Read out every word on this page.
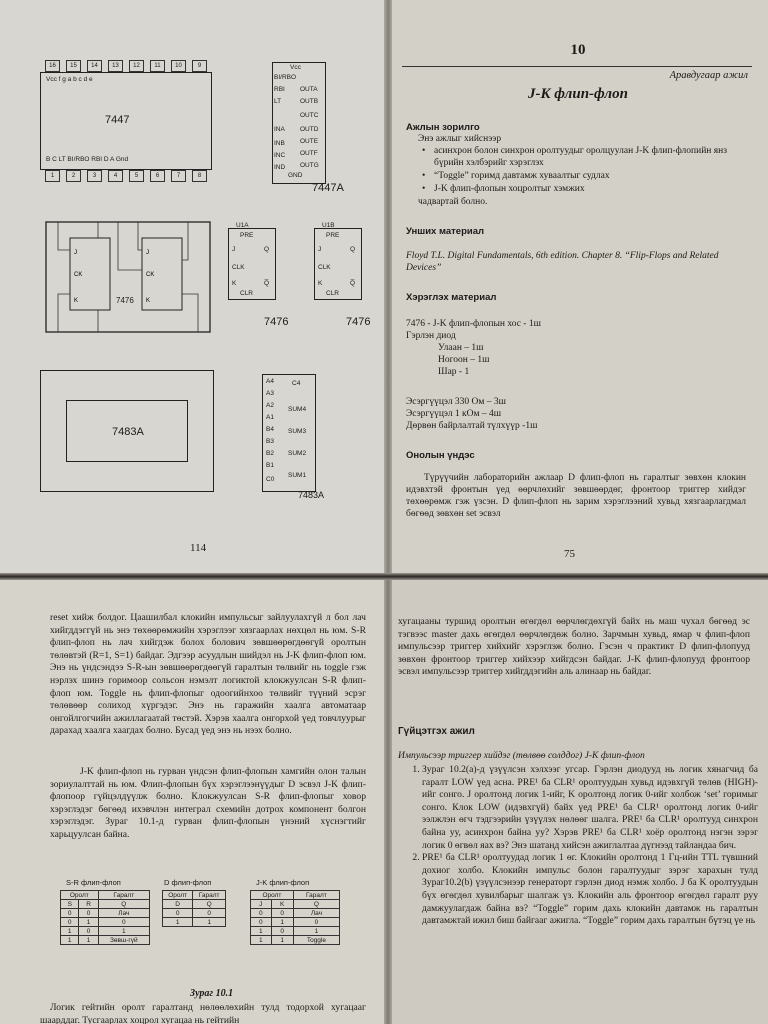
16	15	14	13	12	11	10	9
Vcc f g a b c d e
7447
B C LT BI/RBO RBI D A Gnd
1	2	3	4	5	6	7	8
Vcc
GND
BI/RBO
RBI
LT
INA
INB
INC
IND
OUTA
OUTB
OUTC
OUTD
OUTE
OUTF
OUTG
7447A
J
CK
K
J
CK
K
7476
U1A
PRE
J
CLK
K
CLR
Q
Q̅
U1B
PRE
J
CLK
K
CLR
Q
Q̅
7476	7476
7483A
A4
A3
A2
A1
B4
B3
B2
B1
C0
C4
SUM4
SUM3
SUM2
SUM1
7483A
114
10
Аравдугаар ажил
J-K флип-флоп
Ажлын зорилго
Энэ ажлыг хийснээр
• асинхрон болон синхрон оролтуудыг оролцуулан J-K флип-флопийн янз бүрийн хэлбэрийг хэрэглэх
• “Toggle” горимд давтамж хуваалтыг судлах
• J-K флип-флопын хоцролтыг хэмжих
чадвартай болно.
Унших материал
Floyd T.L. Digital Fundamentals, 6th edition. Chapter 8. “Flip-Flops and Related Devices”
Хэрэглэх материал
7476 - J-K флип-флопын хос - 1ш
Гэрлэн диод
Улаан – 1ш
Ногоон – 1ш
Шар - 1
Эсэргүүцэл 330 Ом – 3ш
Эсэргүүцэл 1 кОм – 4ш
Дөрвөн байрлалтай түлхүүр -1ш
Онолын үндэс
Түрүүчийн лабораторийн ажлаар D флип-флоп нь гаралтыг зөвхөн клокин идэвхтэй фронтын үед өөрчлөхийг зөвшөөрдөг, фронтоор триггер хийдэг төхөөрөмж гэж үзсэн. D флип-флоп нь зарим хэрэглээний хувьд хязгаарлагдмал бөгөөд зөвхөн set эсвэл
75
reset хийж болдог. Цаашилбал клокийн импульсыг зайлуулахгүй л бол лач хийгддэггүй нь энэ төхөөрөмжийн хэрэглээг хязгаарлах нөхцөл нь юм. S-R флип-флоп нь лач хийгдэж болох болович зөвшөөрөгдөөгүй оролтын төлөвтэй (R=1, S=1) байдаг. Эдгээр асуудлын шийдэл нь J-K флип-флоп юм. Энэ нь үндсэндээ S-R-ын зөвшөөрөгдөөгүй гаралтын төлвийг нь toggle гэж нэрлэх шинэ горимоор сольсон нэмэлт логиктой клокжуулсан S-R флип-флоп юм. Toggle нь флип-флопыг одоогийнхоо төлвийг түүний эсрэг төлөвөөр солиход хүргэдэг. Энэ нь гаражийн хаалга автоматаар онгойлгогчийн ажиллагаатай төстэй. Хэрэв хаалга онгорхой үед товчлуурыг дарахад хаалга хаагдах болно. Бусад үед энэ нь нээх болно.
J-K флип-флоп нь гурван үндсэн флип-флопын хамгийн олон талын зориулалттай нь юм. Флип-флопын бүх хэрэглээнүүдыг D эсвэл J-K флип-флопоор гүйцэлдүүлж болно. Клокжуулсан S-R флип-флопыг ховор хэрэглэдэг бөгөөд ихэвчлэн интеграл схемийн дотрох компонент болгон хэрэглэдэг. Зураг 10.1-д гурван флип-флопын үнэний хүснэгтийг харьцуулсан байна.
S-R флип-флоп
Оролт		Гаралт
S	R	Q
0	0	Лач
0	1	0
1	0	1
1	1	Зөвш-гүй
D флип-флоп
Оролт	Гаралт
D	Q
0	0
1	1
J-K флип-флоп
Оролт		Гаралт
J	K	Q
0	0	Лач
0	1	0
1	0	1
1	1	Toggle
Зураг 10.1
Логик гейтийн оролт гаралтанд нөлөөлөхийн тулд тодорхой хугацааг шаарддаг. Тусгаарлах хоцрол хугацаа нь гейтийн
хугацааны туршид оролтын өгөгдөл өөрчлөгдөхгүй байх нь маш чухал бөгөөд эс тэгвээс master дахь өгөгдөл өөрчлөгдөж болно. Зарчмын хувьд, ямар ч флип-флоп импульсээр триггер хийхийг хэрэглэж болно. Гэсэн ч практикт D флип-флопууд зөвхөн фронтоор триггер хийхээр хийгдсэн байдаг. J-K флип-флопууд фронтоор эсвэл импульсээр триггер хийгддэгийн аль алинаар нь байдаг.
Гүйцэтгэх ажил
Импульсээр триггер хийдэг (төлвөө солддог) J-K флип-флоп
1. Зураг 10.2(а)-д үзүүлсэн хэлхээг угсар. Гэрлэн диодууд нь логик хянагчид ба гаралт LOW үед асна. PRE¹ ба CLR¹ оролтуудын хувьд идэвхгүй төлөв (HIGH)-ийг сонго. J оролтонд логик 1-ийг, K оролтонд логик 0-ийг холбож ‘set’ горимыг сонго. Клок LOW (идэвхгүй) байх үед PRE¹ ба CLR¹ оролтонд логик 0-ийг ээлжлэн өгч тэдгээрийн үзүүлэх нөлөөг шалга. PRE¹ ба CLR¹ оролтууд синхрон байна уу, асинхрон байна уу? Хэрэв PRE¹ ба CLR¹ хоёр оролтонд нэгэн зэрэг логик 0 өгвөл яах вэ? Энэ шатанд хийсэн ажиглалтаа дүгнээд тайландаа бич.
2. PRE¹ ба CLR¹ оролтуудад логик 1 өг. Клокийн оролтонд 1 Гц-ийн TTL түвшний дохиог холбо. Клокийн импульс болон гаралтуудыг зэрэг харахын тулд Зураг10.2(b) үзүүлсэнээр генераторт гэрлэн диод нэмж холбо. J ба K оролтуудын бүх өгөгдөл хувилбарыг шалгаж үз. Клокийн аль фронтоор өгөгдөл гаралт руу дамжуулагдаж байна вэ? “Toggle” горим дахь клокийн давтамж нь гаралтын давтамжтай ижил биш байгааг ажигла. “Toggle” горим дахь гаралтын бүтэц үе нь
